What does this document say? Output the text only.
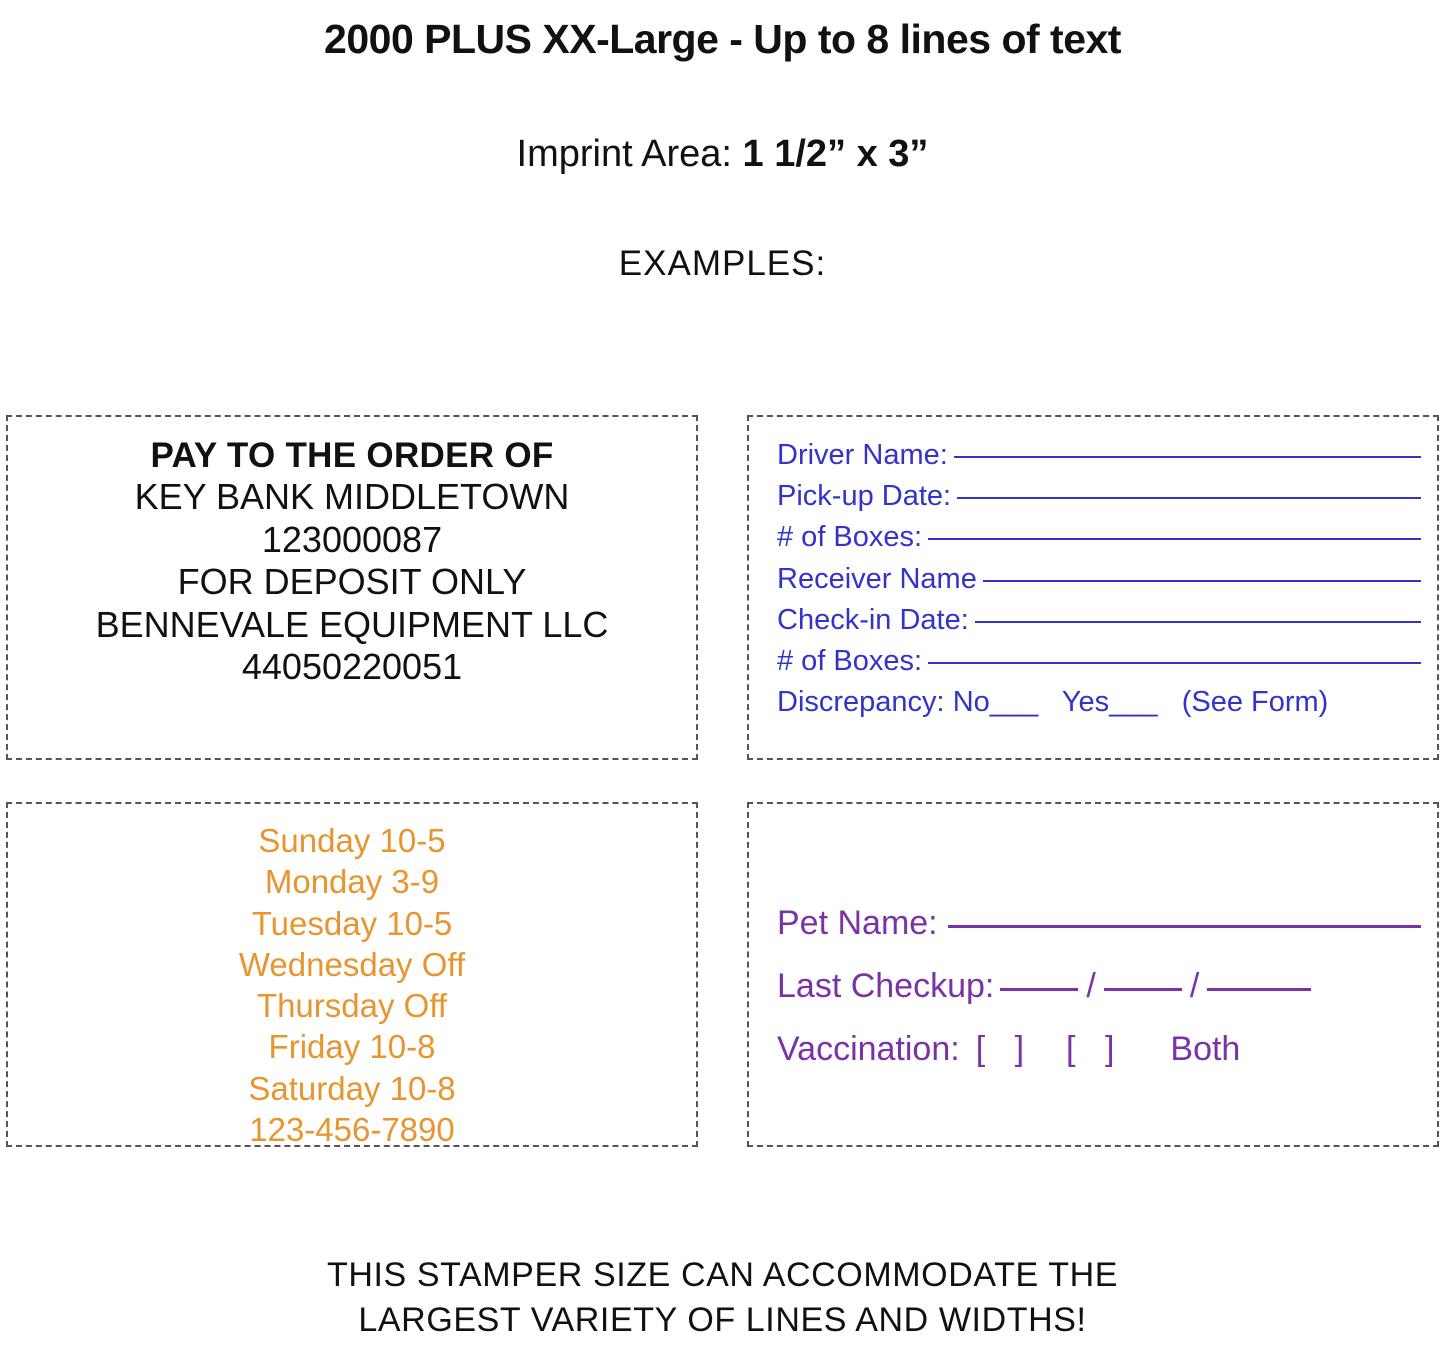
2000 PLUS XX-Large - Up to 8 lines of text
Imprint Area: 1 1/2” x 3”
EXAMPLES:
PAY TO THE ORDER OF
KEY BANK MIDDLETOWN
123000087
FOR DEPOSIT ONLY
BENNEVALE EQUIPMENT LLC
44050220051
Driver Name:
Pick-up Date:
# of Boxes:
Receiver Name
Check-in Date:
# of Boxes:
Discrepancy: No___ Yes___ (See Form)
Sunday 10-5
Monday 3-9
Tuesday 10-5
Wednesday Off
Thursday Off
Friday 10-8
Saturday 10-8
123-456-7890
Pet Name:
Last Checkup:	/	/
Vaccination: [ ] [ ] Both
THIS STAMPER SIZE CAN ACCOMMODATE THE
LARGEST VARIETY OF LINES AND WIDTHS!
